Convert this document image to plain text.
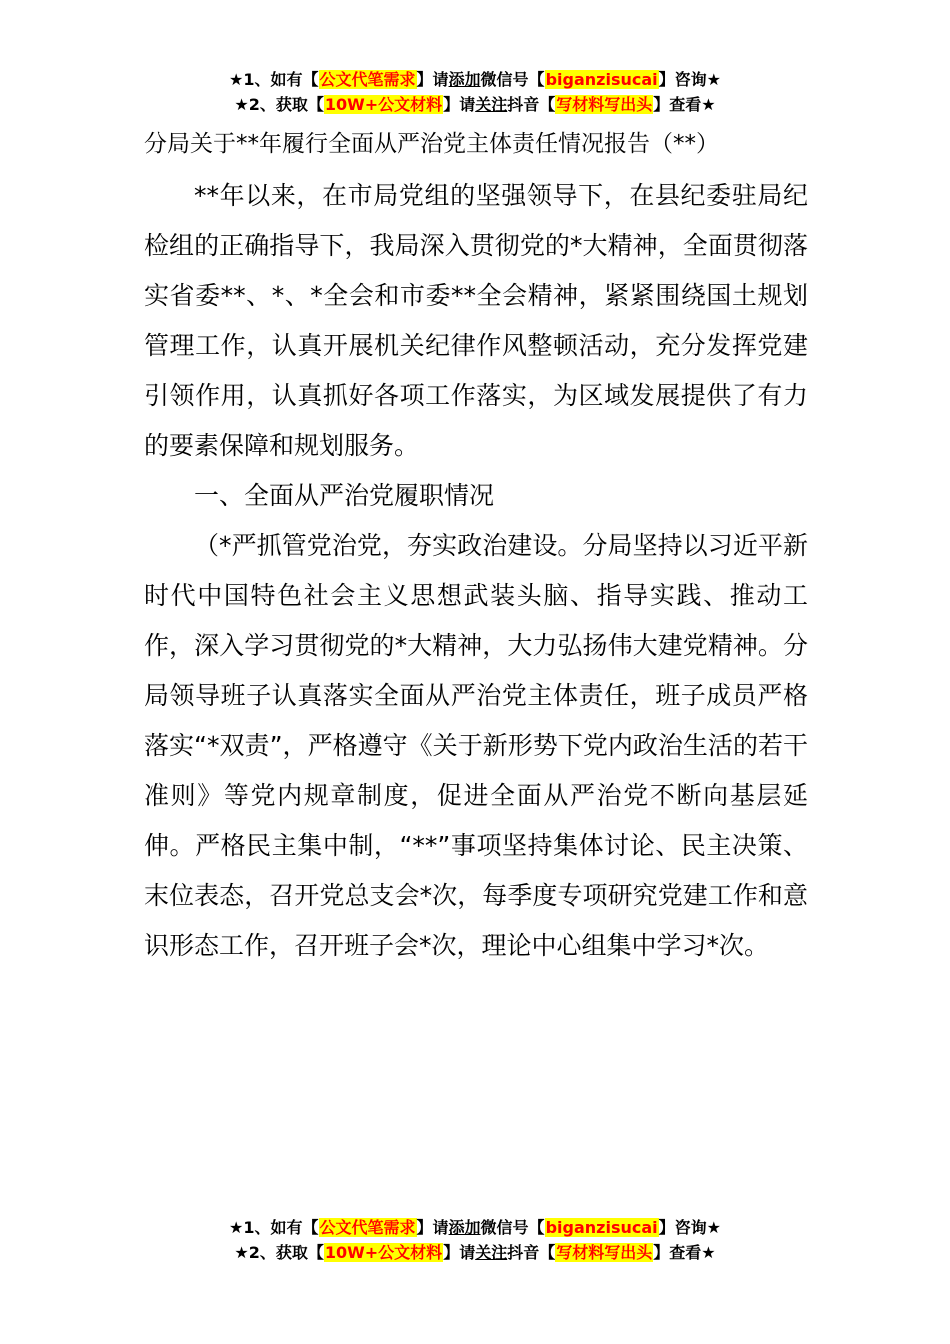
★1、如有【公文代笔需求】请添加微信号【biganzisucai】咨询★
★2、获取【10W+公文材料】请关注抖音【写材料写出头】查看★
分局关于**年履行全面从严治党主体责任情况报告（**）

**年以来，在市局党组的坚强领导下，在县纪委驻局纪检组的正确指导下，我局深入贯彻党的*大精神，全面贯彻落实省委**、*、*全会和市委**全会精神，紧紧围绕国土规划管理工作，认真开展机关纪律作风整顿活动，充分发挥党建引领作用，认真抓好各项工作落实，为区域发展提供了有力的要素保障和规划服务。

一、全面从严治党履职情况

（*严抓管党治党，夯实政治建设。分局坚持以习近平新时代中国特色社会主义思想武装头脑、指导实践、推动工作，深入学习贯彻党的*大精神，大力弘扬伟大建党精神。分局领导班子认真落实全面从严治党主体责任，班子成员严格落实“*双责”，严格遵守《关于新形势下党内政治生活的若干准则》等党内规章制度，促进全面从严治党不断向基层延伸。严格民主集中制，“**”事项坚持集体讨论、民主决策、末位表态，召开党总支会*次，每季度专项研究党建工作和意识形态工作，召开班子会*次，理论中心组集中学习*次。

★1、如有【公文代笔需求】请添加微信号【biganzisucai】咨询★
★2、获取【10W+公文材料】请关注抖音【写材料写出头】查看★
